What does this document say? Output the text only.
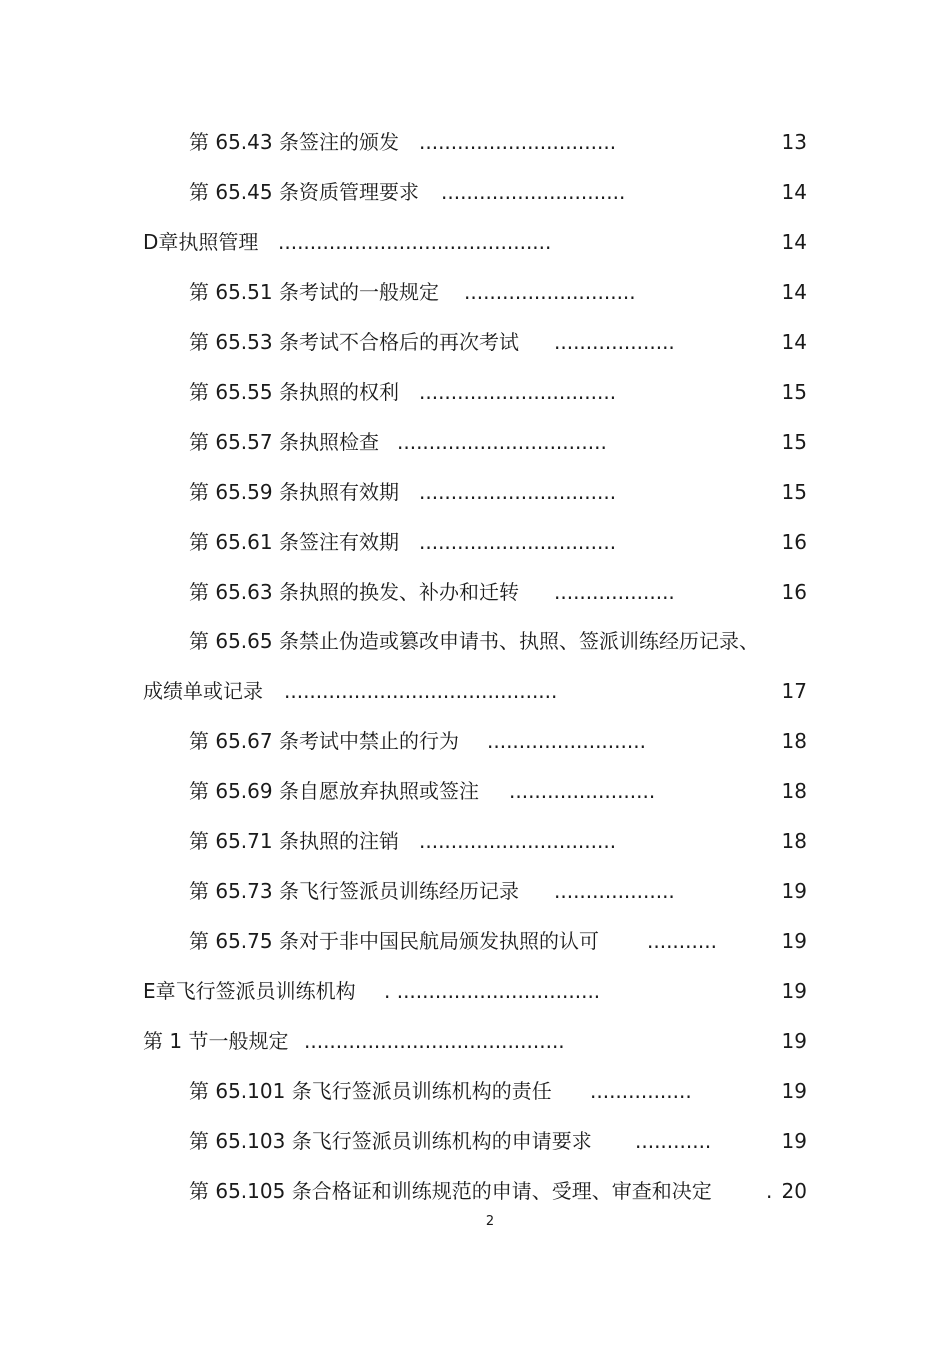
第 65.43 条签注的颁发 ...............................	13
第 65.45 条资质管理要求 .............................	14
D章执照管理 ...........................................	14
第 65.51 条考试的一般规定 ...........................	14
第 65.53 条考试不合格后的再次考试 ...................	14
第 65.55 条执照的权利 ...............................	15
第 65.57 条执照检查 .................................	15
第 65.59 条执照有效期 ...............................	15
第 65.61 条签注有效期 ...............................	16
第 65.63 条执照的换发、补办和迁转 ...................	16
第 65.65 条禁止伪造或篡改申请书、执照、签派训练经历记录、
成绩单或记录 ...........................................	17
第 65.67 条考试中禁止的行为 .........................	18
第 65.69 条自愿放弃执照或签注 .......................	18
第 65.71 条执照的注销 ...............................	18
第 65.73 条飞行签派员训练经历记录 ...................	19
第 65.75 条对于非中国民航局颁发执照的认可 ...........	19
E章飞行签派员训练机构 . ................................	19
第 1 节一般规定 .........................................	19
第 65.101 条飞行签派员训练机构的责任 ................	19
第 65.103 条飞行签派员训练机构的申请要求 ............	19
第 65.105 条合格证和训练规范的申请、受理、审查和决定	. 20
2
